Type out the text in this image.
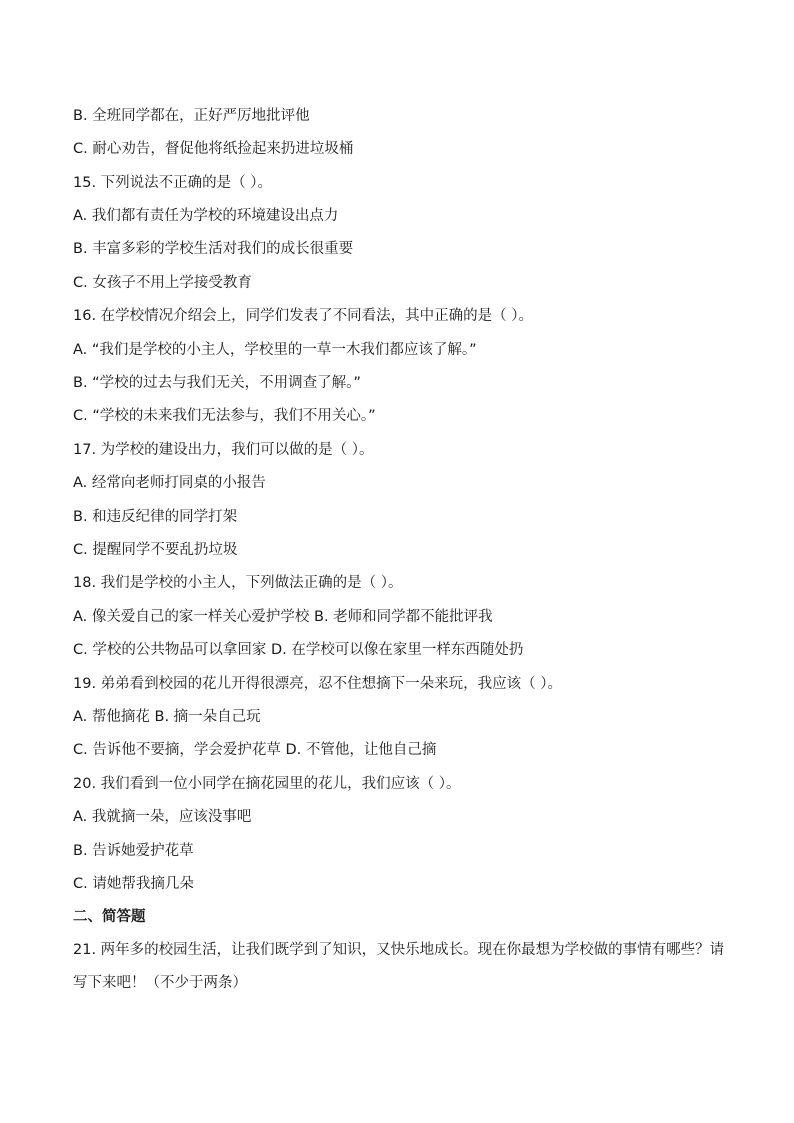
B. 全班同学都在，正好严厉地批评他
C. 耐心劝告，督促他将纸捡起来扔进垃圾桶
15. 下列说法不正确的是（ ）。
A. 我们都有责任为学校的环境建设出点力
B. 丰富多彩的学校生活对我们的成长很重要
C. 女孩子不用上学接受教育
16. 在学校情况介绍会上，同学们发表了不同看法，其中正确的是（ ）。
A. “我们是学校的小主人，学校里的一草一木我们都应该了解。”
B. “学校的过去与我们无关，不用调查了解。”
C. “学校的未来我们无法参与，我们不用关心。”
17. 为学校的建设出力，我们可以做的是（ ）。
A. 经常向老师打同桌的小报告
B. 和违反纪律的同学打架
C. 提醒同学不要乱扔垃圾
18. 我们是学校的小主人，下列做法正确的是（ ）。
A. 像关爱自己的家一样关心爱护学校 B. 老师和同学都不能批评我
C. 学校的公共物品可以拿回家 D. 在学校可以像在家里一样东西随处扔
19. 弟弟看到校园的花儿开得很漂亮，忍不住想摘下一朵来玩，我应该（ ）。
A. 帮他摘花 B. 摘一朵自己玩
C. 告诉他不要摘，学会爱护花草 D. 不管他，让他自己摘
20. 我们看到一位小同学在摘花园里的花儿，我们应该（ ）。
A. 我就摘一朵，应该没事吧
B. 告诉她爱护花草
C. 请她帮我摘几朵
二、简答题
21. 两年多的校园生活，让我们既学到了知识，又快乐地成长。现在你最想为学校做的事情有哪些？请写下来吧！（不少于两条）
